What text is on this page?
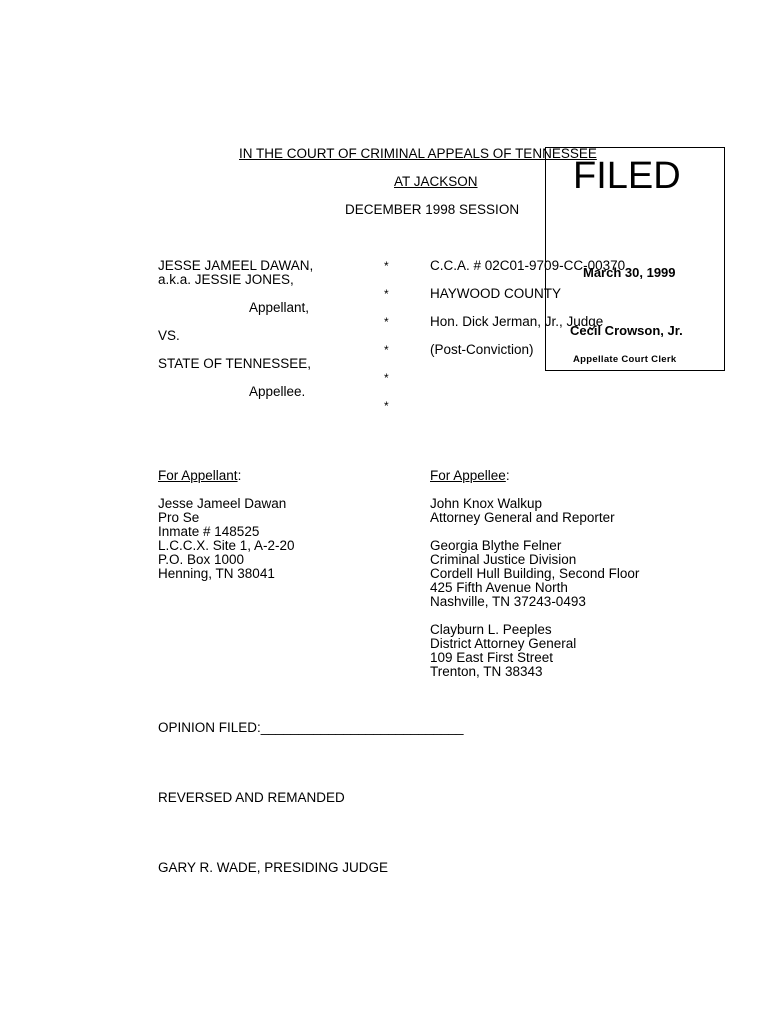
IN THE COURT OF CRIMINAL APPEALS OF TENNESSEE
AT JACKSON
DECEMBER 1998 SESSION
JESSE JAMEEL DAWAN,
a.k.a. JESSIE JONES,
Appellant,
VS.
STATE OF TENNESSEE,
Appellee.
*
*
*
*
*
*
C.C.A. # 02C01-9709-CC-00370
HAYWOOD COUNTY
Hon. Dick Jerman, Jr., Judge
(Post-Conviction)
FILED
March 30, 1999
Cecil Crowson, Jr.
Appellate Court Clerk
For Appellant:
Jesse Jameel Dawan
Pro Se
Inmate # 148525
L.C.C.X. Site 1, A-2-20
P.O. Box 1000
Henning, TN 38041
For Appellee:
John Knox Walkup
Attorney General and Reporter
Georgia Blythe Felner
Criminal Justice Division
Cordell Hull Building, Second Floor
425 Fifth Avenue North
Nashville, TN 37243-0493
Clayburn L. Peeples
District Attorney General
109 East First Street
Trenton, TN 38343
OPINION FILED:___________________________
REVERSED AND REMANDED
GARY R. WADE, PRESIDING JUDGE
